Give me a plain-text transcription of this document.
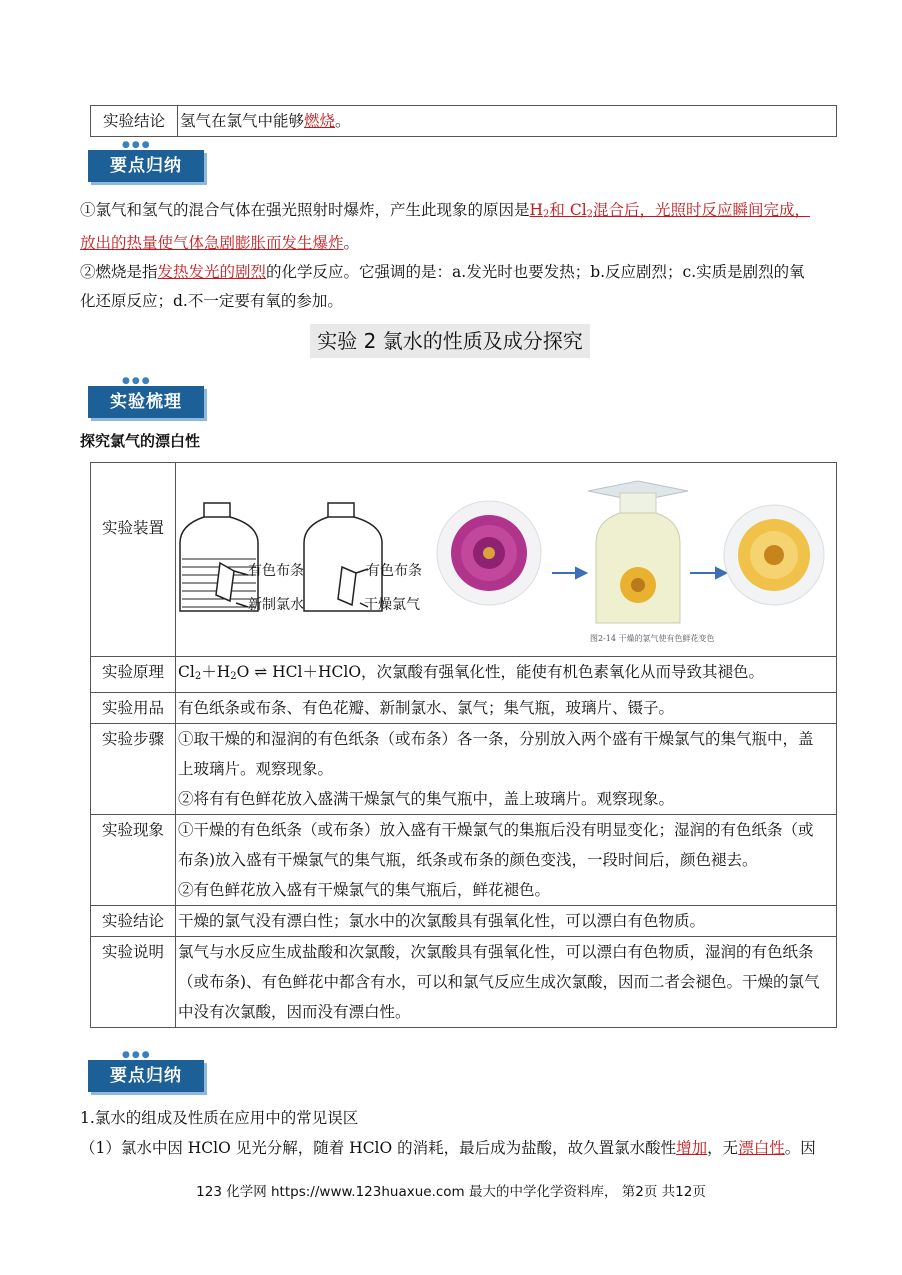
实验结论	氢气在氯气中能够燃烧。
●●●
要点归纳
①氯气和氢气的混合气体在强光照射时爆炸，产生此现象的原因是$H_2$和 $Cl_2$混合后，光照时反应瞬间完成，
放出的热量使气体急剧膨胀而发生爆炸。
②燃烧是指发热发光的剧烈的化学反应。它强调的是：a.发光时也要发热；b.反应剧烈；c.实质是剧烈的氧
化还原反应；d.不一定要有氧的参加。
实验 2 氯水的性质及成分探究
●●●
实验梳理
探究氯气的漂白性
实验装置	有色布条
新制氯水
有色布条
干燥氯气
图2-14 干燥的氯气使有色鲜花变色

实验原理	$Cl_2+H_2O$ ⇌ HCl＋HClO，次氯酸有强氧化性，能使有机色素氧化从而导致其褪色。
实验用品	有色纸条或布条、有色花瓣、新制氯水、氯气；集气瓶，玻璃片、镊子。
实验步骤	①取干燥的和湿润的有色纸条（或布条）各一条，分别放入两个盛有干燥氯气的集气瓶中，盖
上玻璃片。观察现象。
②将有有色鲜花放入盛满干燥氯气的集气瓶中，盖上玻璃片。观察现象。

实验现象	①干燥的有色纸条（或布条）放入盛有干燥氯气的集瓶后没有明显变化；湿润的有色纸条（或
布条)放入盛有干燥氯气的集气瓶，纸条或布条的颜色变浅，一段时间后，颜色褪去。
②有色鲜花放入盛有干燥氯气的集气瓶后，鲜花褪色。

实验结论	干燥的氯气没有漂白性；氯水中的次氯酸具有强氧化性，可以漂白有色物质。
实验说明	氯气与水反应生成盐酸和次氯酸，次氯酸具有强氧化性，可以漂白有色物质，湿润的有色纸条
（或布条)、有色鲜花中都含有水，可以和氯气反应生成次氯酸，因而二者会褪色。干燥的氯气
中没有次氯酸，因而没有漂白性。
●●●
要点归纳
1.氯水的组成及性质在应用中的常见误区
（1）氯水中因 HClO 见光分解，随着 HClO 的消耗，最后成为盐酸，故久置氯水酸性增加，无漂白性。因
123 化学网 https://www.123huaxue.com 最大的中学化学资料库， 第2页 共12页
